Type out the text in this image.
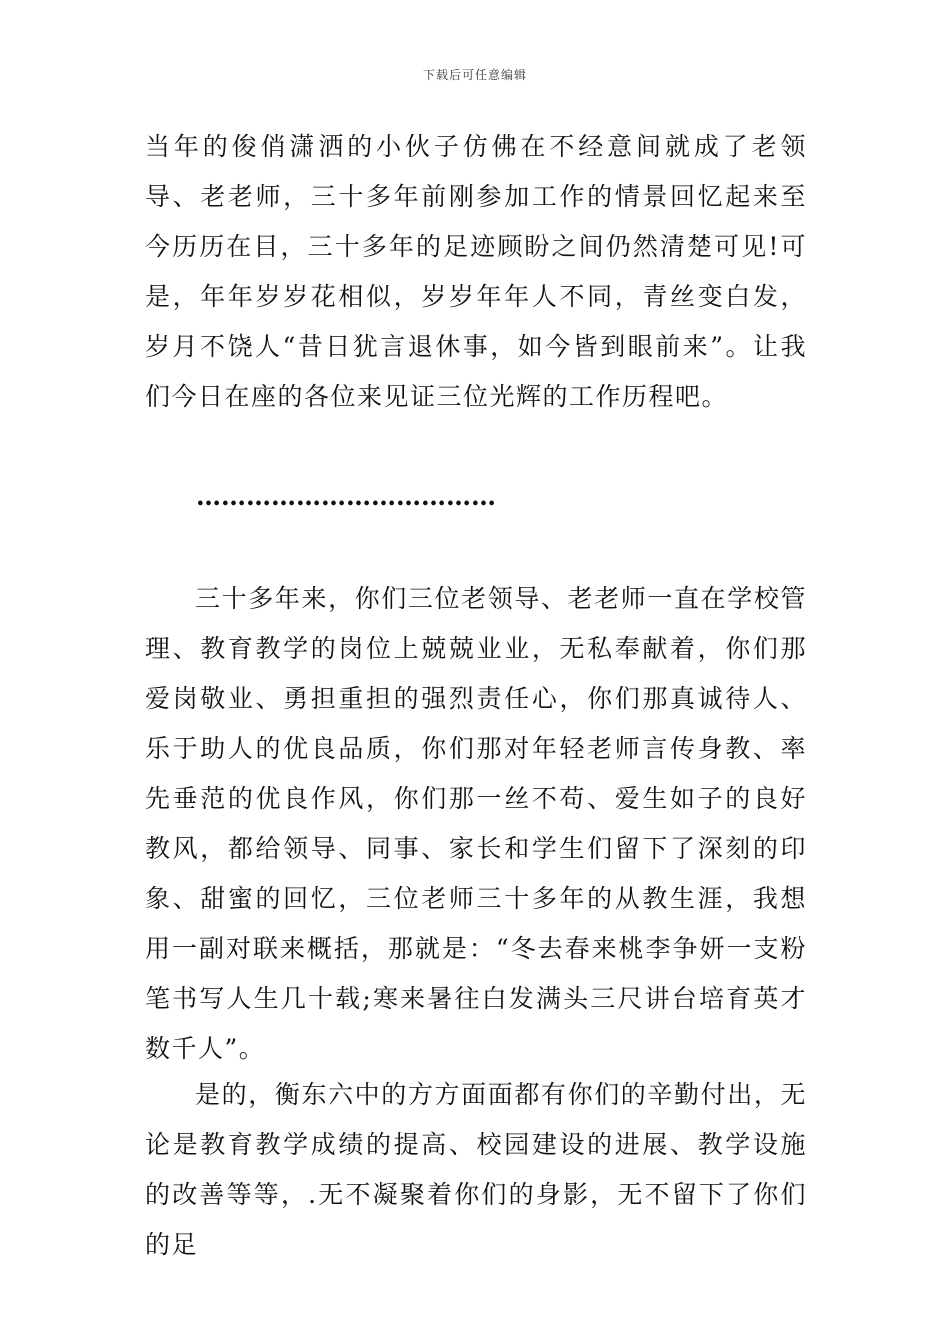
下载后可任意编辑

当年的俊俏潇洒的小伙子仿佛在不经意间就成了老领导、老老师，三十多年前刚参加工作的情景回忆起来至今历历在目，三十多年的足迹顾盼之间仍然清楚可见!可是，年年岁岁花相似，岁岁年年人不同，青丝变白发，岁月不饶人“昔日犹言退休事，如今皆到眼前来”。让我们今日在座的各位来见证三位光辉的工作历程吧。

………………………………

三十多年来，你们三位老领导、老老师一直在学校管理、教育教学的岗位上兢兢业业，无私奉献着，你们那爱岗敬业、勇担重担的强烈责任心，你们那真诚待人、乐于助人的优良品质，你们那对年轻老师言传身教、率先垂范的优良作风，你们那一丝不苟、爱生如子的良好教风，都给领导、同事、家长和学生们留下了深刻的印象、甜蜜的回忆，三位老师三十多年的从教生涯，我想用一副对联来概括，那就是：“冬去春来桃李争妍一支粉笔书写人生几十载;寒来暑往白发满头三尺讲台培育英才数千人”。

是的，衡东六中的方方面面都有你们的辛勤付出，无论是教育教学成绩的提高、校园建设的进展、教学设施的改善等等，.无不凝聚着你们的身影，无不留下了你们的足
